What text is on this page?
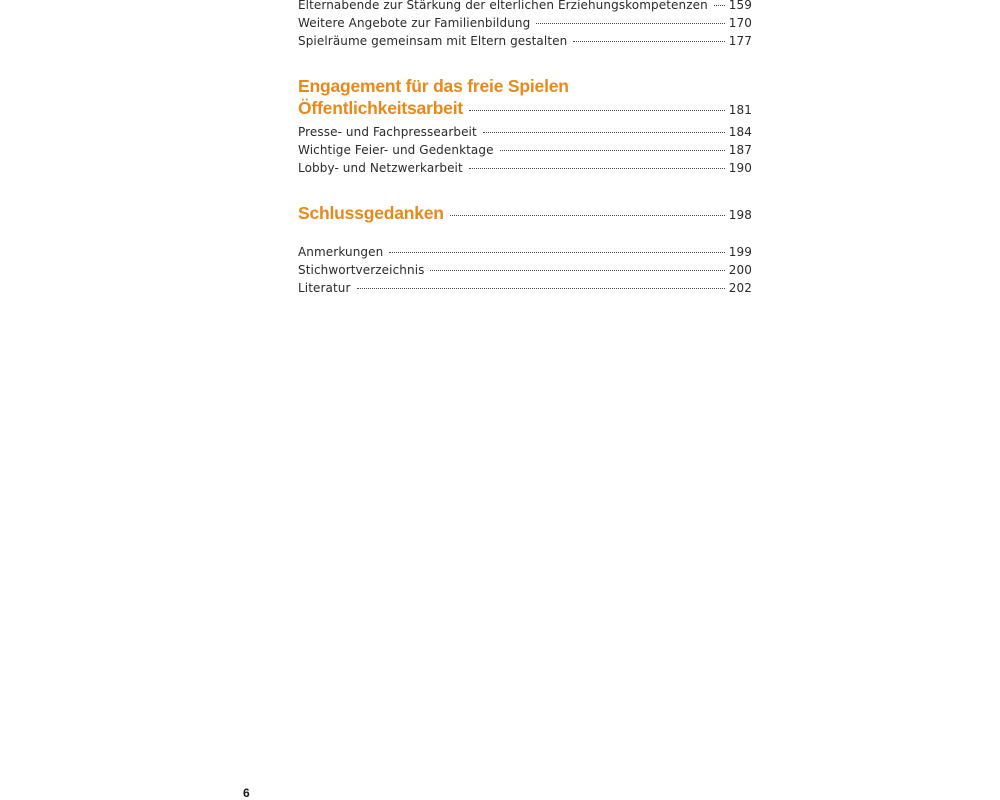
Elternabende zur Stärkung der elterlichen Erziehungskompetenzen 159
Weitere Angebote zur Familienbildung	170
Spielräume gemeinsam mit Eltern gestalten	177
Engagement für das freie Spielen
Öffentlichkeitsarbeit	181
Presse- und Fachpressearbeit	184
Wichtige Feier- und Gedenktage	187
Lobby- und Netzwerkarbeit	190
Schlussgedanken	198
Anmerkungen	199
Stichwortverzeichnis	200
Literatur	202
6
